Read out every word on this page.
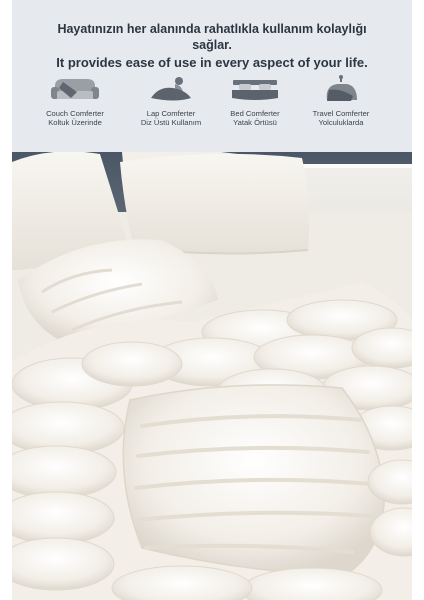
Hayatınızın her alanında rahatlıkla kullanım kolaylığı
sağlar.
It provides ease of use in every aspect of your life.
Couch Comferter
Koltuk Üzerinde
Lap Comferter
Diz Üstü Kullanım
Bed Comferter
Yatak Örtüsü
Travel Comferter
Yolculuklarda
